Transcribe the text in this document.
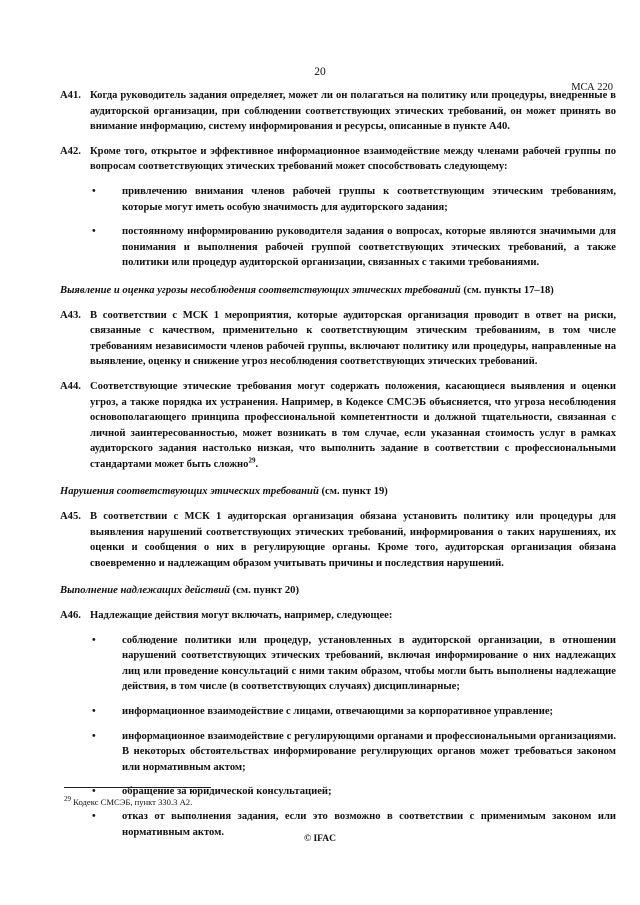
20
МСА 220
A41. Когда руководитель задания определяет, может ли он полагаться на политику или процедуры, внедренные в аудиторской организации, при соблюдении соответствующих этических требований, он может принять во внимание информацию, систему информирования и ресурсы, описанные в пункте A40.
A42. Кроме того, открытое и эффективное информационное взаимодействие между членами рабочей группы по вопросам соответствующих этических требований может способствовать следующему:
•	привлечению внимания членов рабочей группы к соответствующим этическим требованиям, которые могут иметь особую значимость для аудиторского задания;
•	постоянному информированию руководителя задания о вопросах, которые являются значимыми для понимания и выполнения рабочей группой соответствующих этических требований, а также политики или процедур аудиторской организации, связанных с такими требованиями.
Выявление и оценка угрозы несоблюдения соответствующих этических требований (см. пункты 17–18)
A43. В соответствии с МСК 1 мероприятия, которые аудиторская организация проводит в ответ на риски, связанные с качеством, применительно к соответствующим этическим требованиям, в том числе требованиям независимости членов рабочей группы, включают политику или процедуры, направленные на выявление, оценку и снижение угроз несоблюдения соответствующих этических требований.
A44. Соответствующие этические требования могут содержать положения, касающиеся выявления и оценки угроз, а также порядка их устранения. Например, в Кодексе СМСЭБ объясняется, что угроза несоблюдения основополагающего принципа профессиональной компетентности и должной тщательности, связанная с личной заинтересованностью, может возникать в том случае, если указанная стоимость услуг в рамках аудиторского задания настолько низкая, что выполнить задание в соответствии с профессиональными стандартами может быть сложно$^{29}$.
Нарушения соответствующих этических требований (см. пункт 19)
A45. В соответствии с МСК 1 аудиторская организация обязана установить политику или процедуры для выявления нарушений соответствующих этических требований, информирования о таких нарушениях, их оценки и сообщения о них в регулирующие органы. Кроме того, аудиторская организация обязана своевременно и надлежащим образом учитывать причины и последствия нарушений.
Выполнение надлежащих действий (см. пункт 20)
A46. Надлежащие действия могут включать, например, следующее:
•	соблюдение политики или процедур, установленных в аудиторской организации, в отношении нарушений соответствующих этических требований, включая информирование о них надлежащих лиц или проведение консультаций с ними таким образом, чтобы могли быть выполнены надлежащие действия, в том числе (в соответствующих случаях) дисциплинарные;
•	информационное взаимодействие с лицами, отвечающими за корпоративное управление;
•	информационное взаимодействие с регулирующими органами и профессиональными организациями. В некоторых обстоятельствах информирование регулирующих органов может требоваться законом или нормативным актом;
•	обращение за юридической консультацией;
•	отказ от выполнения задания, если это возможно в соответствии с применимым законом или нормативным актом.
$^{29}$ Кодекс СМСЭБ, пункт 330.3 А2.
© IFAC
